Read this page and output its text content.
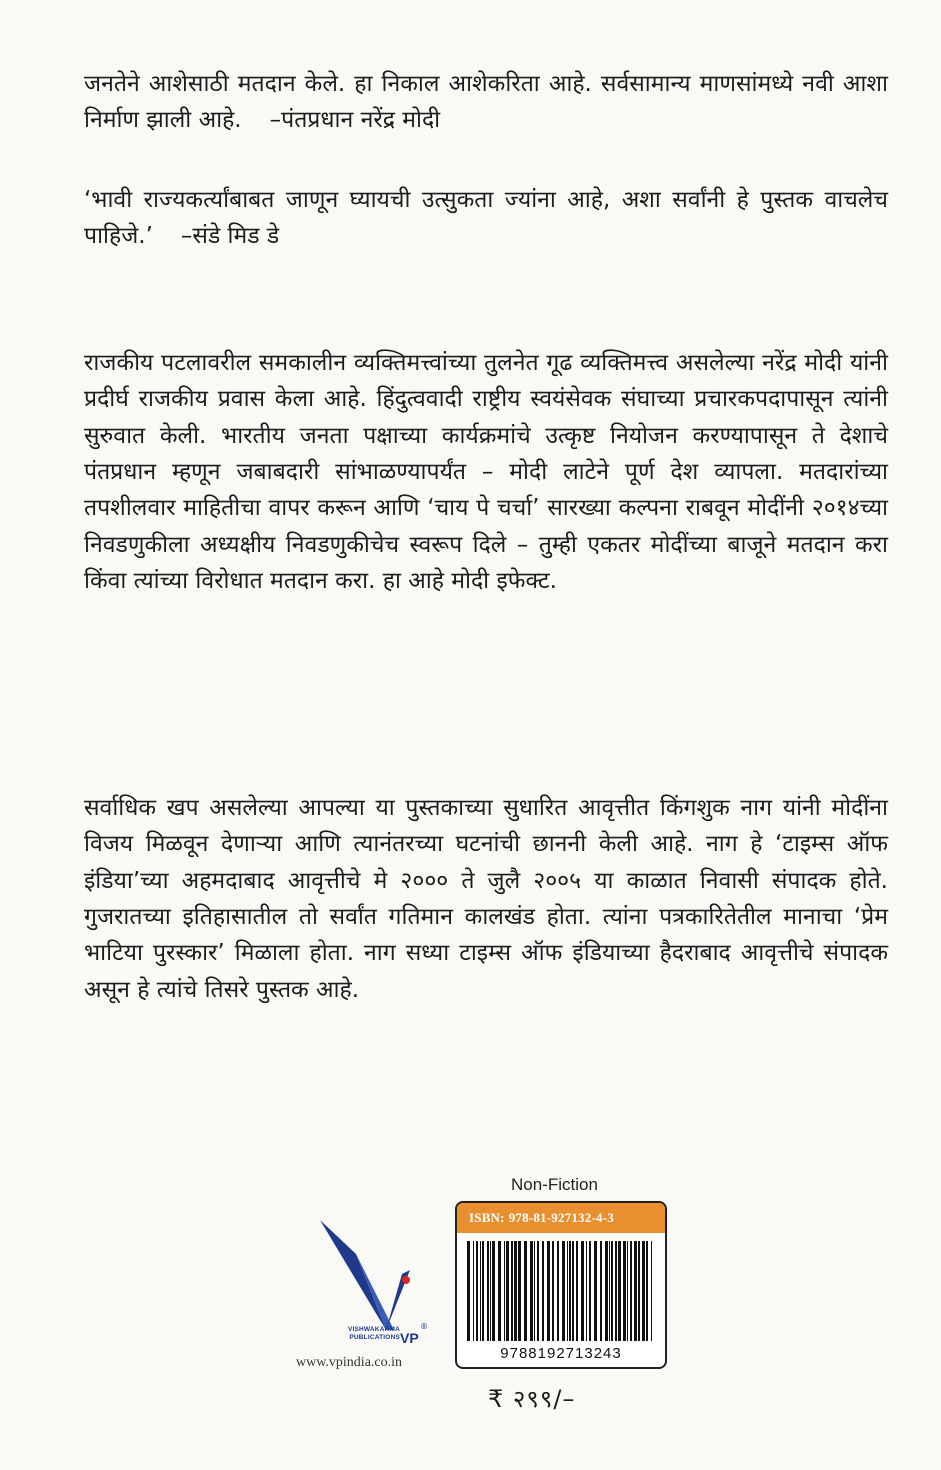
जनतेने आशेसाठी मतदान केले. हा निकाल आशेकरिता आहे. सर्वसामान्य माणसांमध्ये नवी आशा निर्माण झाली आहे. –पंतप्रधान नरेंद्र मोदी

‘भावी राज्यकर्त्यांबाबत जाणून घ्यायची उत्सुकता ज्यांना आहे, अशा सर्वांनी हे पुस्तक वाचलेच पाहिजे.’ –संडे मिड डे

राजकीय पटलावरील समकालीन व्यक्तिमत्त्वांच्या तुलनेत गूढ व्यक्तिमत्त्व असलेल्या नरेंद्र मोदी यांनी प्रदीर्घ राजकीय प्रवास केला आहे. हिंदुत्ववादी राष्ट्रीय स्वयंसेवक संघाच्या प्रचारकपदापासून त्यांनी सुरुवात केली. भारतीय जनता पक्षाच्या कार्यक्रमांचे उत्कृष्ट नियोजन करण्यापासून ते देशाचे पंतप्रधान म्हणून जबाबदारी सांभाळण्यापर्यंत – मोदी लाटेने पूर्ण देश व्यापला. मतदारांच्या तपशीलवार माहितीचा वापर करून आणि ‘चाय पे चर्चा’ सारख्या कल्पना राबवून मोदींनी २०१४च्या निवडणुकीला अध्यक्षीय निवडणुकीचेच स्वरूप दिले – तुम्ही एकतर मोदींच्या बाजूने मतदान करा किंवा त्यांच्या विरोधात मतदान करा. हा आहे मोदी इफेक्ट.

सर्वाधिक खप असलेल्या आपल्या या पुस्तकाच्या सुधारित आवृत्तीत किंगशुक नाग यांनी मोदींना विजय मिळवून देणाऱ्या आणि त्यानंतरच्या घटनांची छाननी केली आहे. नाग हे ‘टाइम्स ऑफ इंडिया’च्या अहमदाबाद आवृत्तीचे मे २००० ते जुलै २००५ या काळात निवासी संपादक होते. गुजरातच्या इतिहासातील तो सर्वांत गतिमान कालखंड होता. त्यांना पत्रकारितेतील मानाचा ‘प्रेम भाटिया पुरस्कार’ मिळाला होता. नाग सध्या टाइम्स ऑफ इंडियाच्या हैदराबाद आवृत्तीचे संपादक असून हे त्यांचे तिसरे पुस्तक आहे.

VISHWAKARMA
PUBLICATIONS VP
®
www.vpindia.co.in
Non-Fiction
ISBN: 978-81-927132-4-3
9788192713243
₹ २९९/–
